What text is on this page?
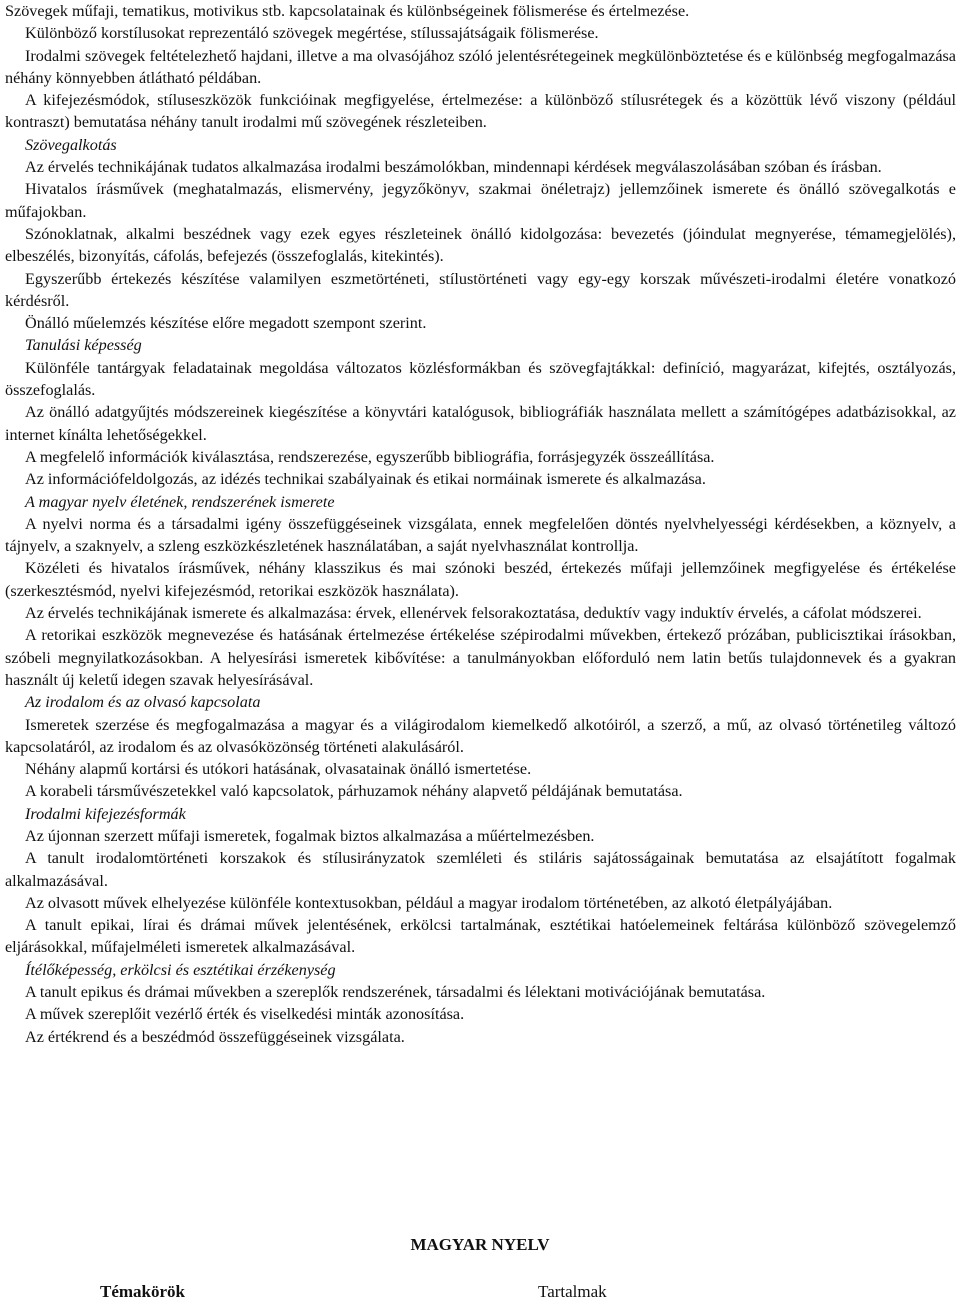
Szövegek műfaji, tematikus, motivikus stb. kapcsolatainak és különbségeinek fölismerése és értelmezése.

Különböző korstílusokat reprezentáló szövegek megértése, stílussajátságaik fölismerése.

Irodalmi szövegek feltételezhető hajdani, illetve a ma olvasójához szóló jelentésrétegeinek megkülönböztetése és e különbség megfogalmazása néhány könnyebben átlátható példában.

A kifejezésmódok, stíluseszközök funkcióinak megfigyelése, értelmezése: a különböző stílusrétegek és a közöttük lévő viszony (például kontraszt) bemutatása néhány tanult irodalmi mű szövegének részleteiben.

Szövegalkotás

Az érvelés technikájának tudatos alkalmazása irodalmi beszámolókban, mindennapi kérdések megválaszolásában szóban és írásban.

Hivatalos írásművek (meghatalmazás, elismervény, jegyzőkönyv, szakmai önéletrajz) jellemzőinek ismerete és önálló szövegalkotás e műfajokban.

Szónoklatnak, alkalmi beszédnek vagy ezek egyes részleteinek önálló kidolgozása: bevezetés (jóindulat megnyerése, témamegjelölés), elbeszélés, bizonyítás, cáfolás, befejezés (összefoglalás, kitekintés).

Egyszerűbb értekezés készítése valamilyen eszmetörténeti, stílustörténeti vagy egy-egy korszak művészeti-irodalmi életére vonatkozó kérdésről.

Önálló műelemzés készítése előre megadott szempont szerint.

Tanulási képesség

Különféle tantárgyak feladatainak megoldása változatos közlésformákban és szövegfajtákkal: definíció, magyarázat, kifejtés, osztályozás, összefoglalás.

Az önálló adatgyűjtés módszereinek kiegészítése a könyvtári katalógusok, bibliográfiák használata mellett a számítógépes adatbázisokkal, az internet kínálta lehetőségekkel.

A megfelelő információk kiválasztása, rendszerezése, egyszerűbb bibliográfia, forrásjegyzék összeállítása.

Az információfeldolgozás, az idézés technikai szabályainak és etikai normáinak ismerete és alkalmazása.

A magyar nyelv életének, rendszerének ismerete

A nyelvi norma és a társadalmi igény összefüggéseinek vizsgálata, ennek megfelelően döntés nyelvhelyességi kérdésekben, a köznyelv, a tájnyelv, a szaknyelv, a szleng eszközkészletének használatában, a saját nyelvhasználat kontrollja.

Közéleti és hivatalos írásművek, néhány klasszikus és mai szónoki beszéd, értekezés műfaji jellemzőinek megfigyelése és értékelése (szerkesztésmód, nyelvi kifejezésmód, retorikai eszközök használata).

Az érvelés technikájának ismerete és alkalmazása: érvek, ellenérvek felsorakoztatása, deduktív vagy induktív érvelés, a cáfolat módszerei.

A retorikai eszközök megnevezése és hatásának értelmezése értékelése szépirodalmi művekben, értekező prózában, publicisztikai írásokban, szóbeli megnyilatkozásokban. A helyesírási ismeretek kibővítése: a tanulmányokban előforduló nem latin betűs tulajdonnevek és a gyakran használt új keletű idegen szavak helyesírásával.

Az irodalom és az olvasó kapcsolata

Ismeretek szerzése és megfogalmazása a magyar és a világirodalom kiemelkedő alkotóiról, a szerző, a mű, az olvasó történetileg változó kapcsolatáról, az irodalom és az olvasóközönség történeti alakulásáról.

Néhány alapmű kortársi és utókori hatásának, olvasatainak önálló ismertetése.

A korabeli társművészetekkel való kapcsolatok, párhuzamok néhány alapvető példájának bemutatása.

Irodalmi kifejezésformák

Az újonnan szerzett műfaji ismeretek, fogalmak biztos alkalmazása a műértelmezésben.

A tanult irodalomtörténeti korszakok és stílusirányzatok szemléleti és stiláris sajátosságainak bemutatása az elsajátított fogalmak alkalmazásával.

Az olvasott művek elhelyezése különféle kontextusokban, például a magyar irodalom történetében, az alkotó életpályájában.

A tanult epikai, lírai és drámai művek jelentésének, erkölcsi tartalmának, esztétikai hatóelemeinek feltárása különböző szövegelemző eljárásokkal, műfajelméleti ismeretek alkalmazásával.

Ítélőképesség, erkölcsi és esztétikai érzékenység

A tanult epikus és drámai művekben a szereplők rendszerének, társadalmi és lélektani motivációjának bemutatása.

A művek szereplőit vezérlő érték és viselkedési minták azonosítása.

Az értékrend és a beszédmód összefüggéseinek vizsgálata.

MAGYAR NYELV
Témakörök	Tartalmak
